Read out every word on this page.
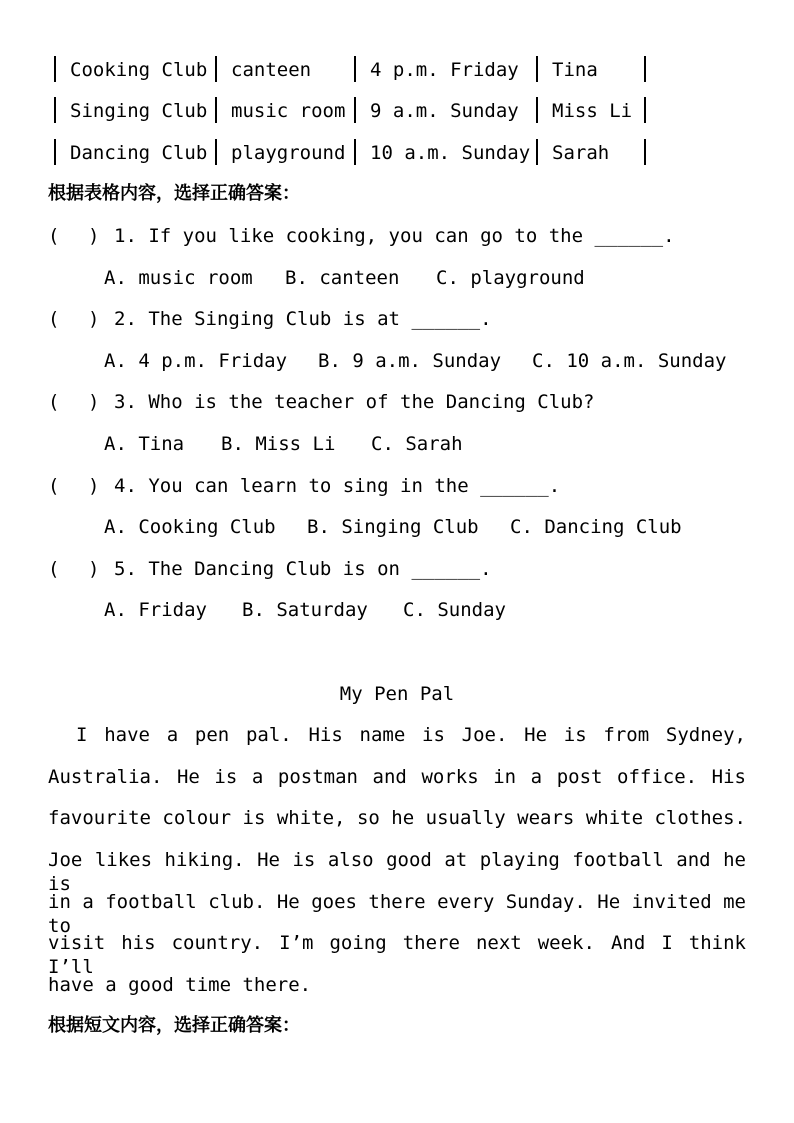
Cooking Club

canteen

	4 p.m. Friday

Tina

Singing Club

music room

9 a.m. Sunday

Miss Li

Dancing Club

playground

10 a.m. Sunday

Sarah

根据表格内容，选择正确答案：

(

)

1. If you like cooking, you can go to the ______.

A. music room

B. canteen

C. playground

(

)

2. The Singing Club is at ______.

A. 4 p.m. Friday

B. 9 a.m. Sunday

C. 10 a.m. Sunday

(

)

3. Who is the teacher of the Dancing Club?

A. Tina

B. Miss Li

C. Sarah

(

)

4. You can learn to sing in the ______.

A. Cooking Club

B. Singing Club

C. Dancing Club

(

)

5. The Dancing Club is on ______.

A. Friday

B. Saturday

C. Sunday

My Pen Pal
I have a pen pal. His name is Joe. He is from Sydney,
Australia. He is a postman and works in a post office. His
favourite colour is white, so he usually wears white clothes.
Joe likes hiking. He is also good at playing football and he is
in a football club. He goes there every Sunday. He invited me to
visit his country. I’m going there next week. And I think I’ll
have a good time there.
根据短文内容，选择正确答案：
